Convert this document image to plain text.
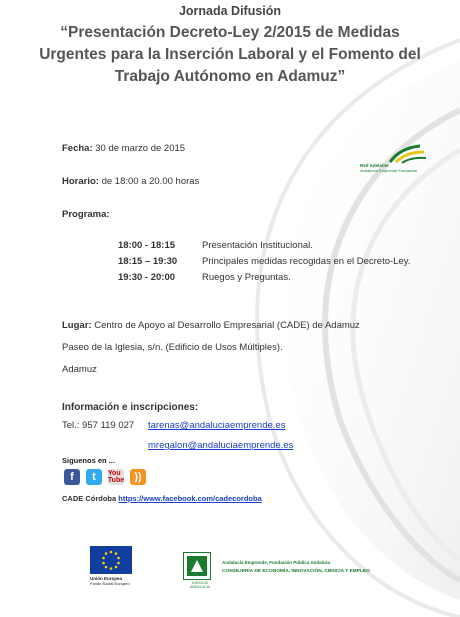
Jornada Difusión
“Presentación Decreto-Ley 2/2015 de Medidas
Urgentes para la Inserción Laboral y el Fomento del
Trabajo Autónomo en Adamuz”
Red Adelante
Andalucía Emprende Fundación
Fecha: 30 de marzo de 2015
Horario: de 18:00 a 20.00 horas
Programa:
18:00 - 18:15	Presentación Institucional.
18:15 – 19:30	Principales medidas recogidas en el Decreto-Ley.
19:30 - 20:00	Ruegos y Preguntas.
Lugar: Centro de Apoyo al Desarrollo Empresarial (CADE) de Adamuz
Paseo de la Iglesia, s/n. (Edificio de Usos Múltiples).
Adamuz
Información e inscripciones:
Tel.: 957 119 027 tarenas@andaluciaemprende.es
mregalon@andaluciaemprende.es
Siguenos en ...
f	t	You Tube ))
CADE Córdoba https://www.facebook.com/cadecordoba
Unión Europea
Fondo Social Europeo	JUNTA DE ANDALUCIA
Andalucía Emprende, Fundación Pública Andaluza
CONSEJERÍA DE ECONOMÍA, INNOVACIÓN, CIENCIA Y EMPLEO
